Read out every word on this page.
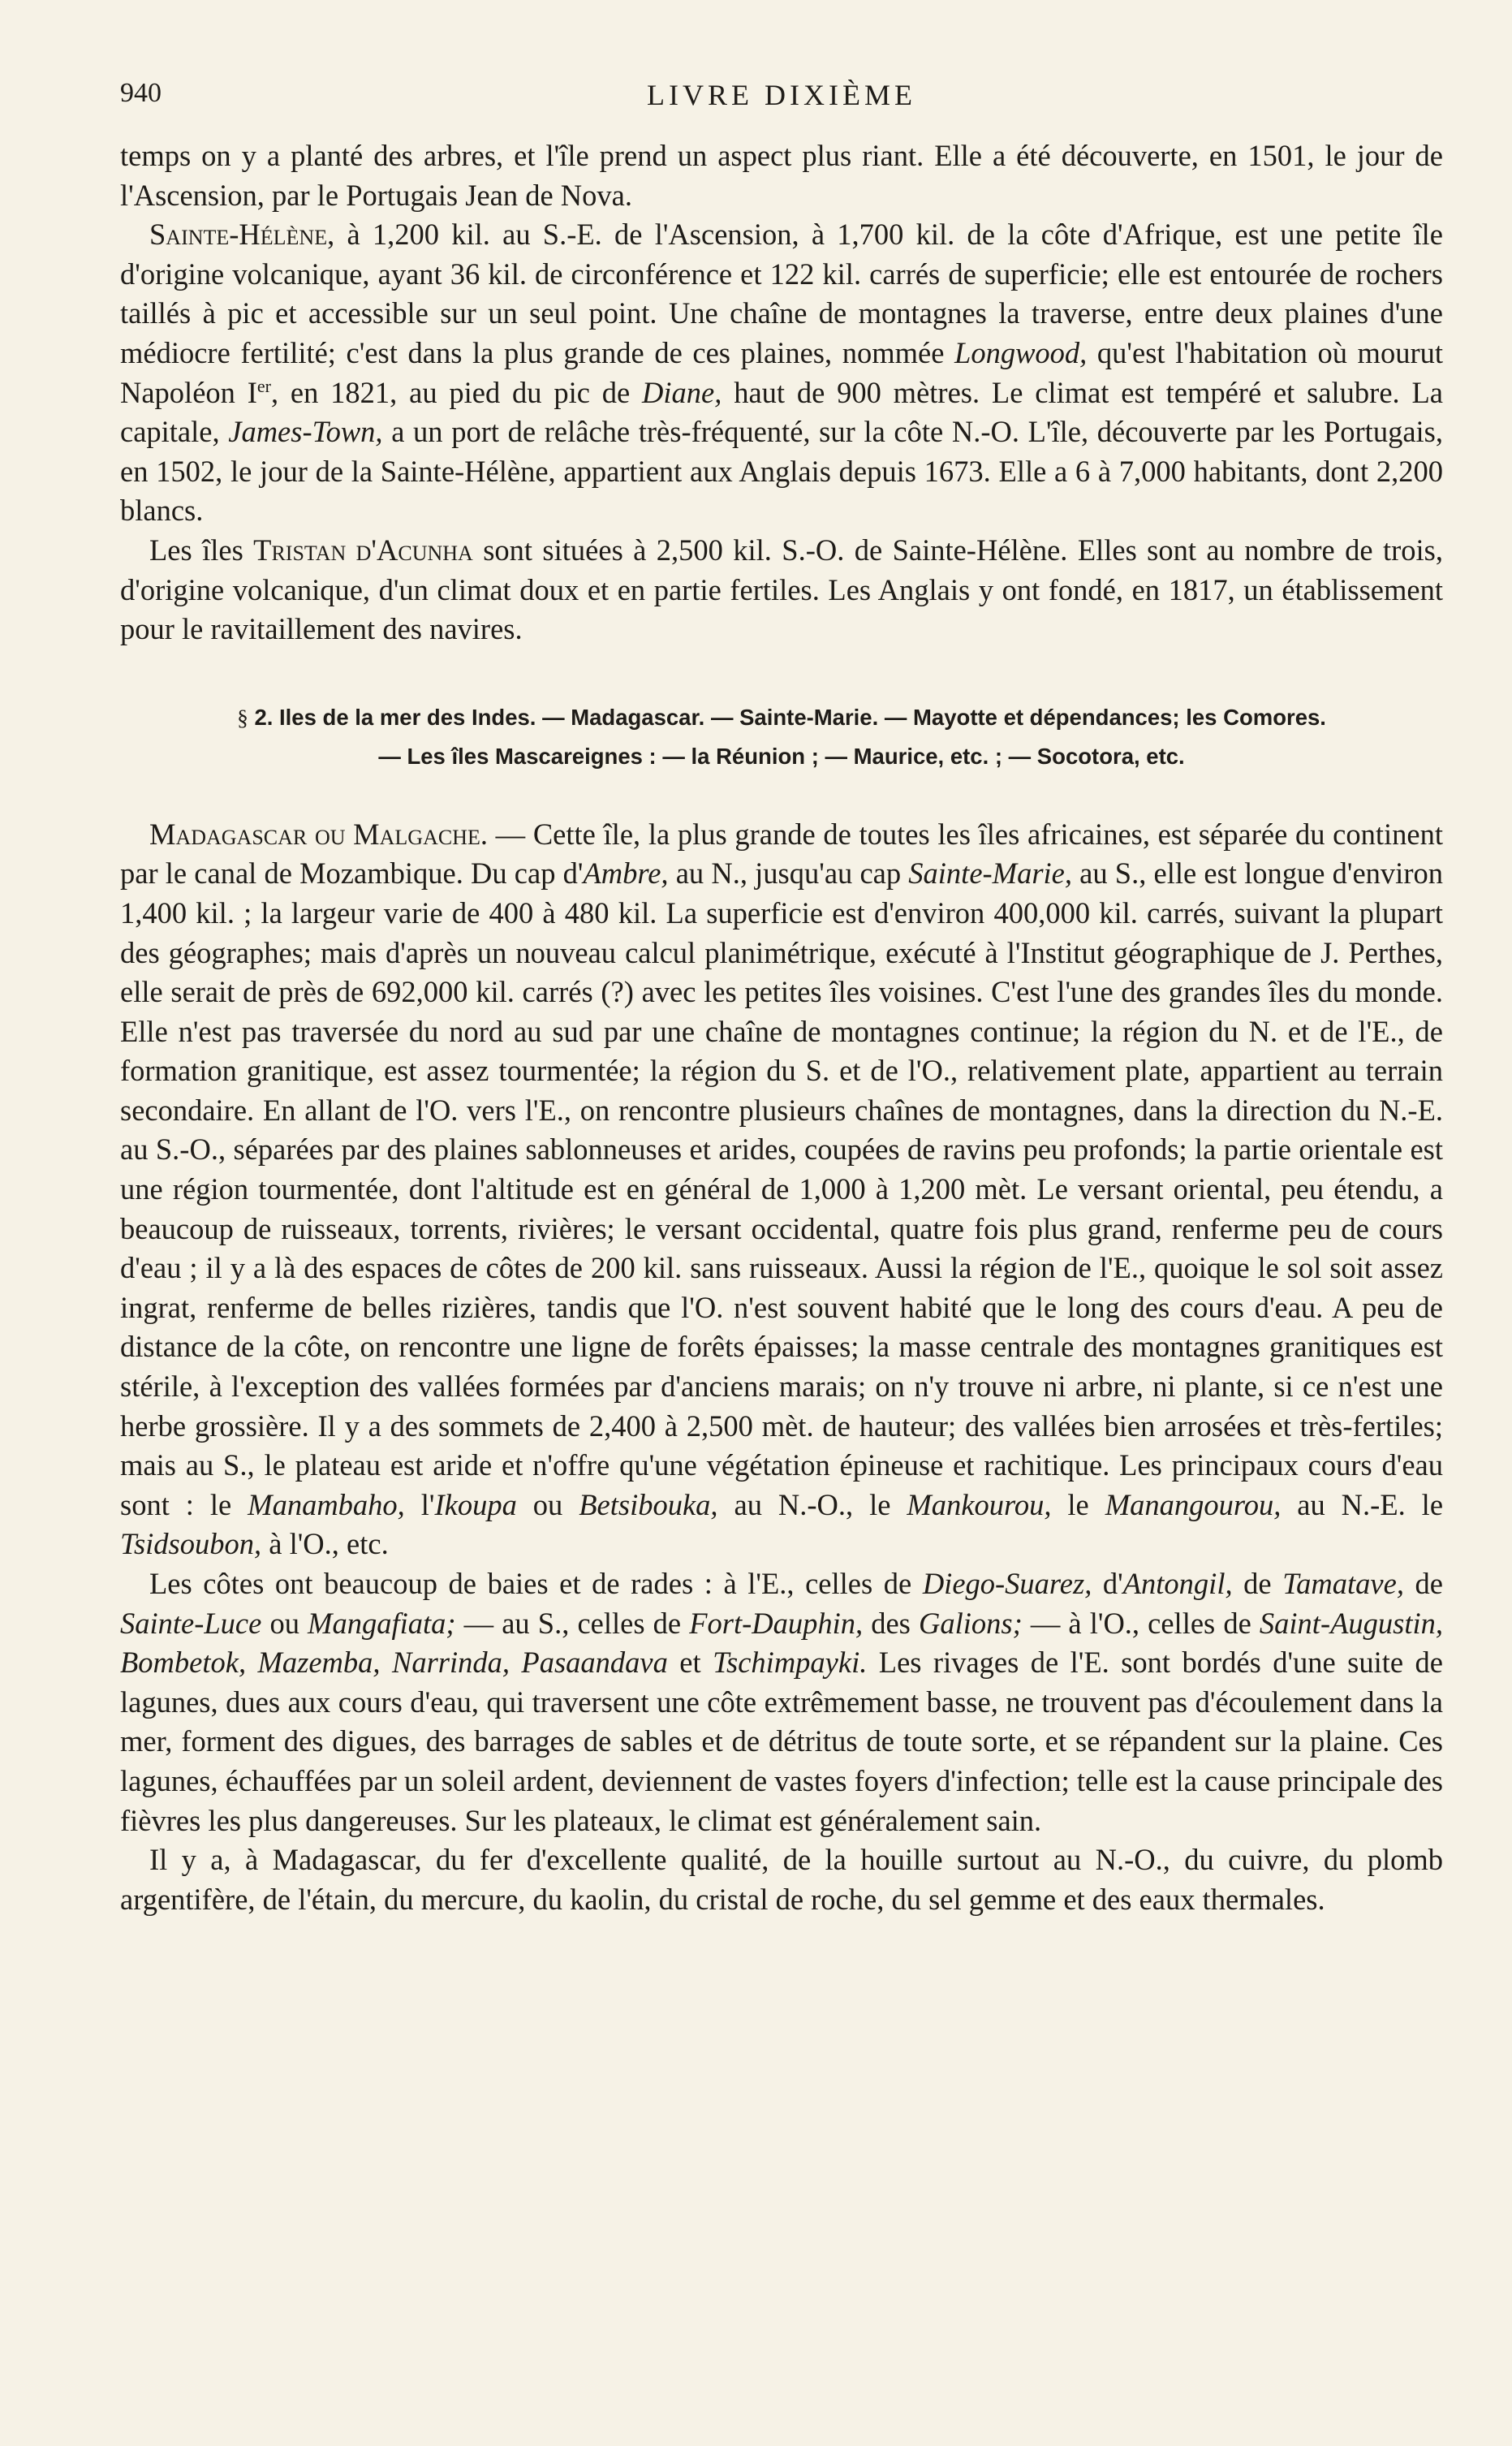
940	LIVRE DIXIÈME

temps on y a planté des arbres, et l'île prend un aspect plus riant. Elle a été découverte, en 1501, le jour de l'Ascension, par le Portugais Jean de Nova.

Sainte-Hélène, à 1,200 kil. au S.-E. de l'Ascension, à 1,700 kil. de la côte d'Afrique, est une petite île d'origine volcanique, ayant 36 kil. de circonférence et 122 kil. carrés de superficie; elle est entourée de rochers taillés à pic et accessible sur un seul point. Une chaîne de montagnes la traverse, entre deux plaines d'une médiocre fertilité; c'est dans la plus grande de ces plaines, nommée Longwood, qu'est l'habitation où mourut Napoléon Ier, en 1821, au pied du pic de Diane, haut de 900 mètres. Le climat est tempéré et salubre. La capitale, James-Town, a un port de relâche très-fréquenté, sur la côte N.-O. L'île, découverte par les Portugais, en 1502, le jour de la Sainte-Hélène, appartient aux Anglais depuis 1673. Elle a 6 à 7,000 habitants, dont 2,200 blancs.

Les îles Tristan d'Acunha sont situées à 2,500 kil. S.-O. de Sainte-Hélène. Elles sont au nombre de trois, d'origine volcanique, d'un climat doux et en partie fertiles. Les Anglais y ont fondé, en 1817, un établissement pour le ravitaillement des navires.

§ 2. Iles de la mer des Indes. — Madagascar. — Sainte-Marie. — Mayotte et dépendances; les Comores.
— Les îles Mascareignes : — la Réunion ; — Maurice, etc. ; — Socotora, etc.

Madagascar ou Malgache. — Cette île, la plus grande de toutes les îles africaines, est séparée du continent par le canal de Mozambique. Du cap d'Ambre, au N., jusqu'au cap Sainte-Marie, au S., elle est longue d'environ 1,400 kil. ; la largeur varie de 400 à 480 kil. La superficie est d'environ 400,000 kil. carrés, suivant la plupart des géographes; mais d'après un nouveau calcul planimétrique, exécuté à l'Institut géographique de J. Perthes, elle serait de près de 692,000 kil. carrés (?) avec les petites îles voisines. C'est l'une des grandes îles du monde. Elle n'est pas traversée du nord au sud par une chaîne de montagnes continue; la région du N. et de l'E., de formation granitique, est assez tourmentée; la région du S. et de l'O., relativement plate, appartient au terrain secondaire. En allant de l'O. vers l'E., on rencontre plusieurs chaînes de montagnes, dans la direction du N.-E. au S.-O., séparées par des plaines sablonneuses et arides, coupées de ravins peu profonds; la partie orientale est une région tourmentée, dont l'altitude est en général de 1,000 à 1,200 mèt. Le versant oriental, peu étendu, a beaucoup de ruisseaux, torrents, rivières; le versant occidental, quatre fois plus grand, renferme peu de cours d'eau ; il y a là des espaces de côtes de 200 kil. sans ruisseaux. Aussi la région de l'E., quoique le sol soit assez ingrat, renferme de belles rizières, tandis que l'O. n'est souvent habité que le long des cours d'eau. A peu de distance de la côte, on rencontre une ligne de forêts épaisses; la masse centrale des montagnes granitiques est stérile, à l'exception des vallées formées par d'anciens marais; on n'y trouve ni arbre, ni plante, si ce n'est une herbe grossière. Il y a des sommets de 2,400 à 2,500 mèt. de hauteur; des vallées bien arrosées et très-fertiles; mais au S., le plateau est aride et n'offre qu'une végétation épineuse et rachitique. Les principaux cours d'eau sont : le Manambaho, l'Ikoupa ou Betsibouka, au N.-O., le Mankourou, le Manangourou, au N.-E. le Tsidsoubon, à l'O., etc.

Les côtes ont beaucoup de baies et de rades : à l'E., celles de Diego-Suarez, d'Antongil, de Tamatave, de Sainte-Luce ou Mangafiata; — au S., celles de Fort-Dauphin, des Galions; — à l'O., celles de Saint-Augustin, Bombetok, Mazemba, Narrinda, Pasaandava et Tschimpayki. Les rivages de l'E. sont bordés d'une suite de lagunes, dues aux cours d'eau, qui traversent une côte extrêmement basse, ne trouvent pas d'écoulement dans la mer, forment des digues, des barrages de sables et de détritus de toute sorte, et se répandent sur la plaine. Ces lagunes, échauffées par un soleil ardent, deviennent de vastes foyers d'infection; telle est la cause principale des fièvres les plus dangereuses. Sur les plateaux, le climat est généralement sain.

Il y a, à Madagascar, du fer d'excellente qualité, de la houille surtout au N.-O., du cuivre, du plomb argentifère, de l'étain, du mercure, du kaolin, du cristal de roche, du sel gemme et des eaux thermales.
